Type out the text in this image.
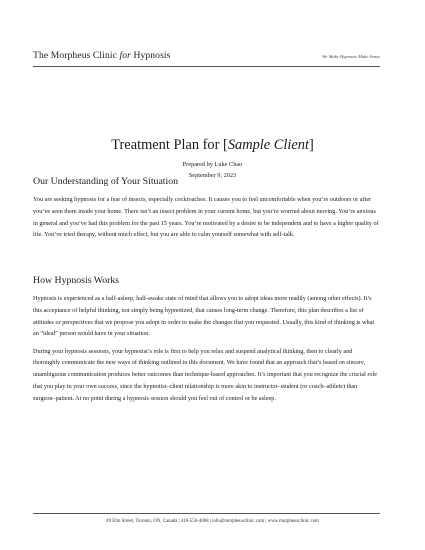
The Morpheus Clinic for Hypnosis	We Make Hypnosis Make Sense
Treatment Plan for [Sample Client]
Prepared by Luke Chao
September 9, 2023
Our Understanding of Your Situation

You are seeking hypnosis for a fear of insects, especially cockroaches. It causes you to feel uncomfortable when you’re outdoors or after you’ve seen them inside your home. There isn’t an insect problem in your current home, but you’re worried about moving. You’re anxious in general and you’ve had this problem for the past 15 years. You’re motivated by a desire to be independent and to have a higher quality of life. You’ve tried therapy, without much effect, but you are able to calm yourself somewhat with self-talk.

How Hypnosis Works

Hypnosis is experienced as a half-asleep, half-awake state of mind that allows you to adopt ideas more readily (among other effects). It’s this acceptance of helpful thinking, not simply being hypnotized, that causes long-term change. Therefore, this plan describes a list of attitudes or perspectives that we propose you adopt in order to make the changes that you requested. Usually, this kind of thinking is what an “ideal” person would have in your situation.

During your hypnosis sessions, your hypnotist’s role is first to help you relax and suspend analytical thinking, then to clearly and thoroughly communicate the new ways of thinking outlined in this document. We have found that an approach that’s based on sincere, unambiguous communication produces better outcomes than technique-based approaches. It’s important that you recognize the crucial role that you play in your own success, since the hypnotist–client relationship is more akin to instructor–student (or coach–athlete) than surgeon–patient. At no point during a hypnosis session should you feel out of control or be asleep.

49 Elm Street, Toronto, ON, Canada | 416-556-4068 | info@morpheusclinic.com | www.morpheusclinic.com
